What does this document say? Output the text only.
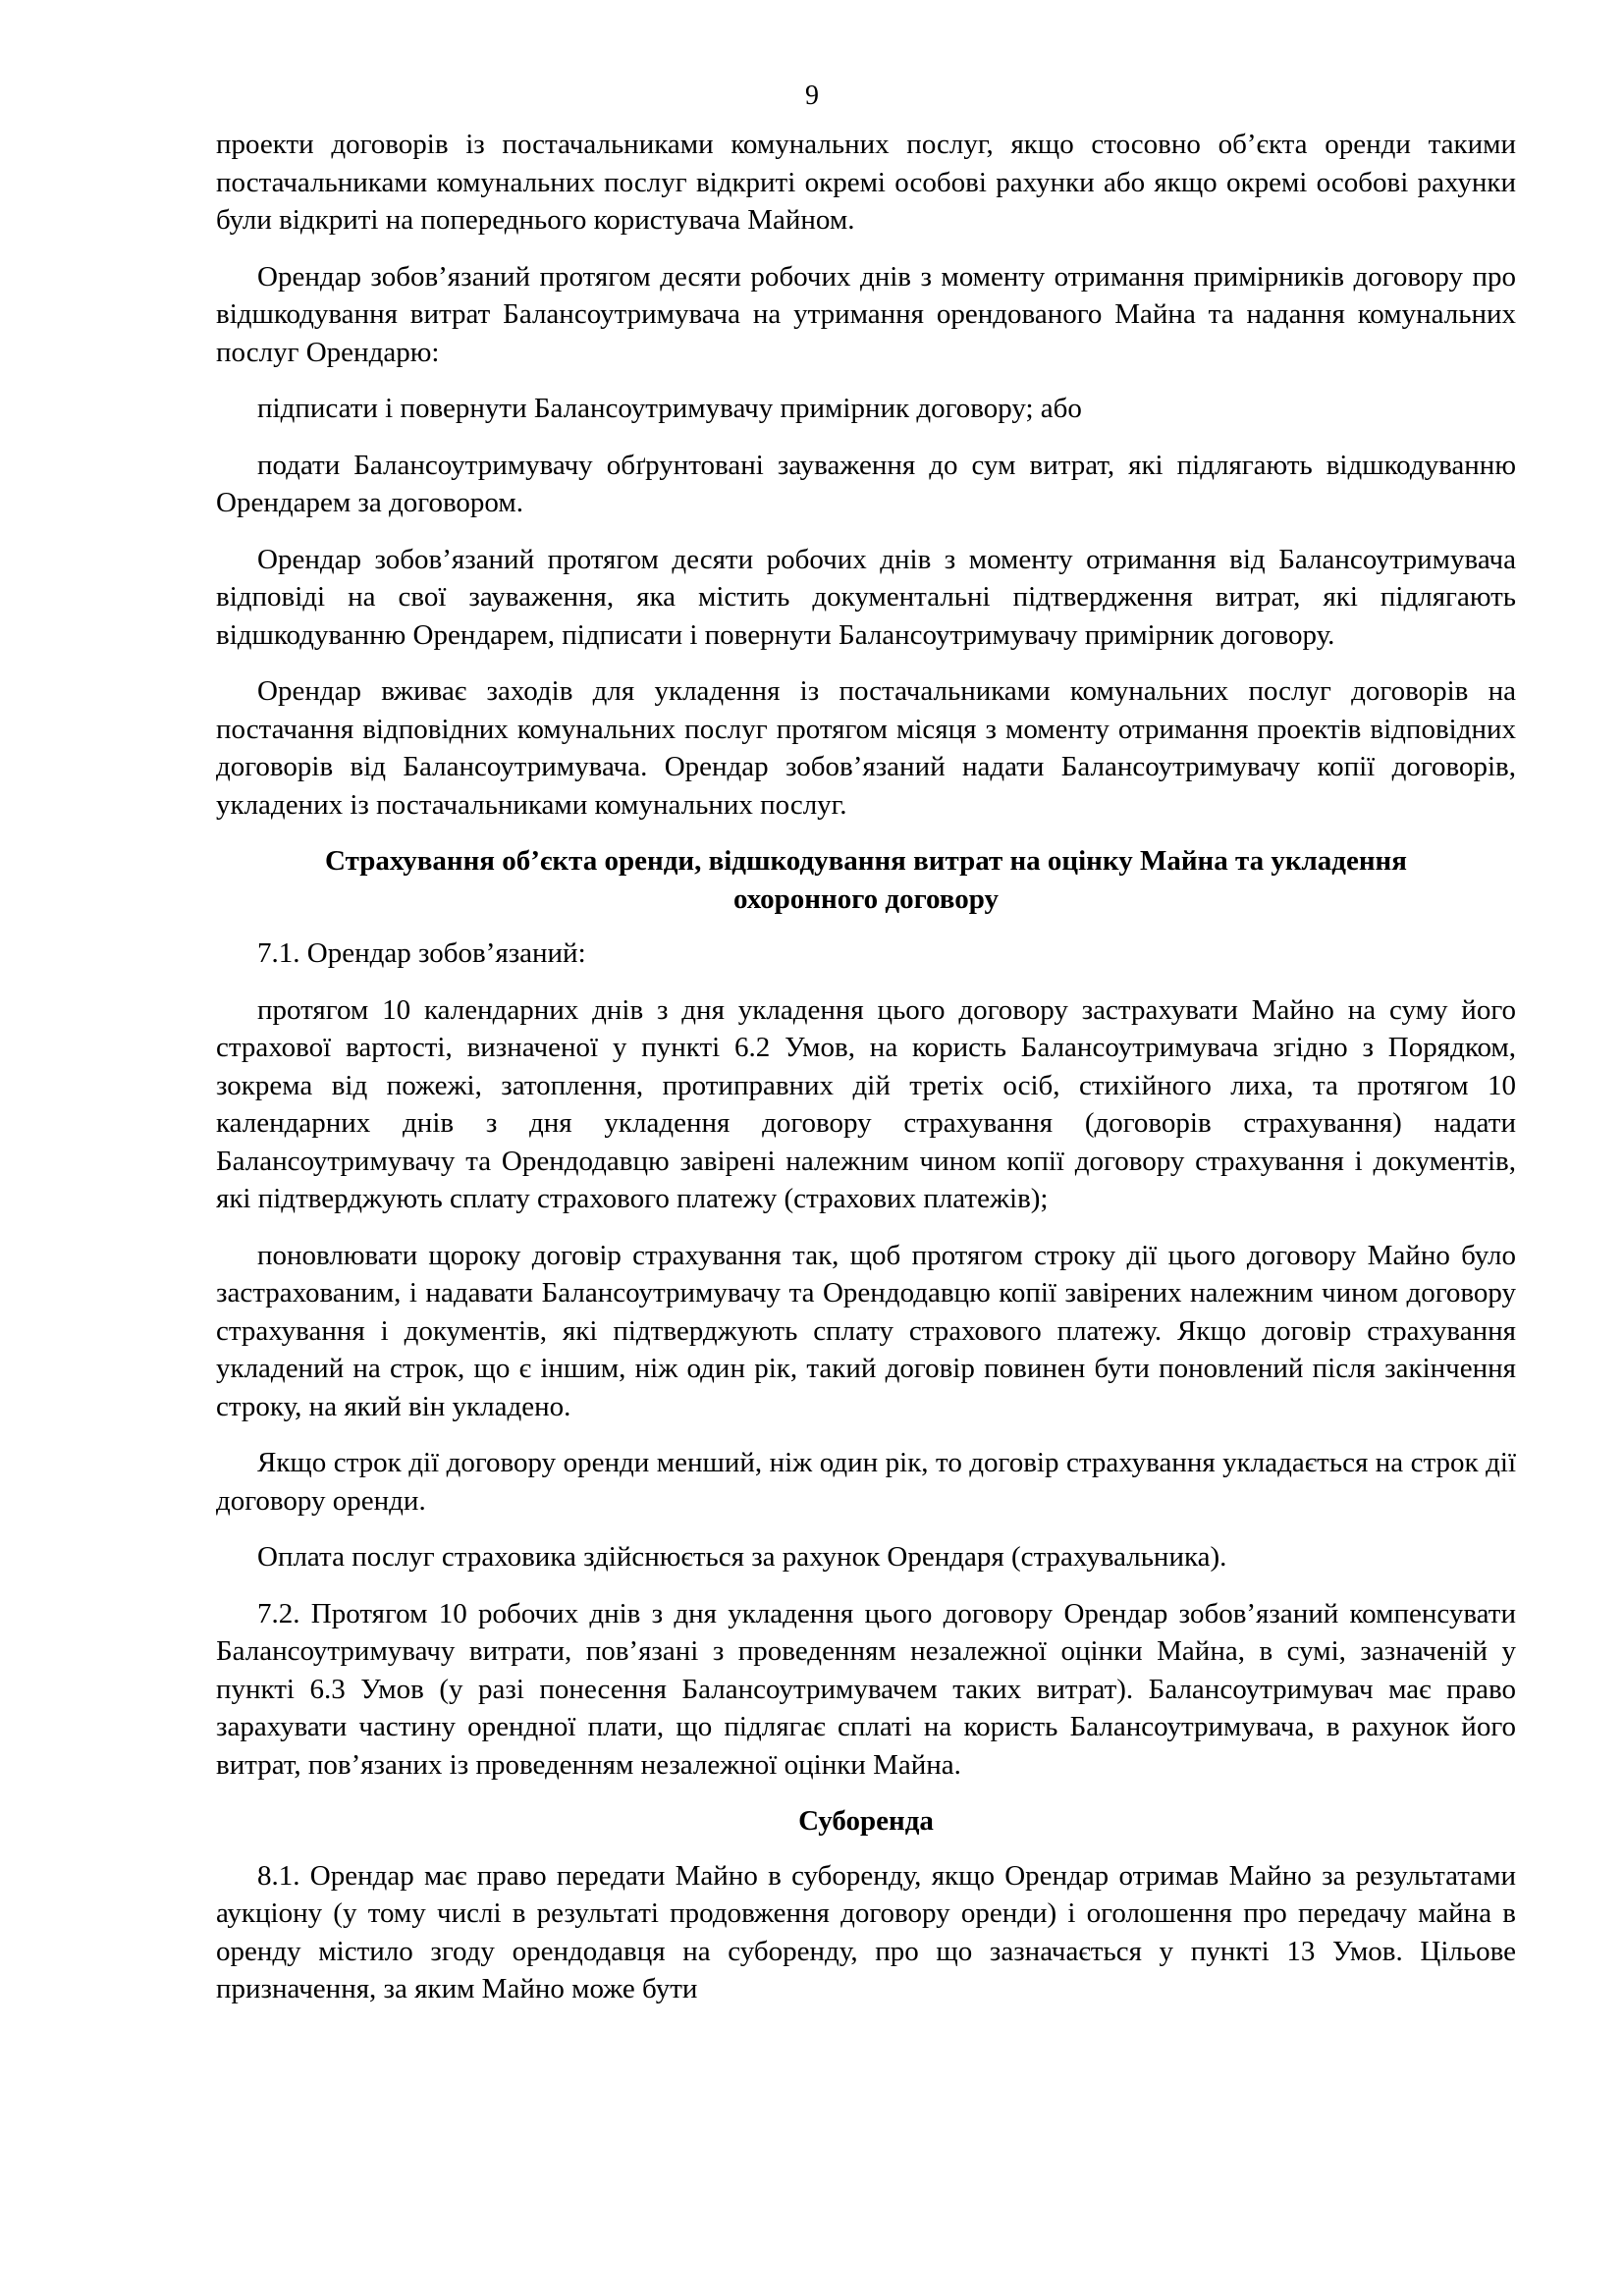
9

проекти договорів із постачальниками комунальних послуг, якщо стосовно об’єкта оренди такими постачальниками комунальних послуг відкриті окремі особові рахунки або якщо окремі особові рахунки були відкриті на попереднього користувача Майном.

Орендар зобов’язаний протягом десяти робочих днів з моменту отримання примірників договору про відшкодування витрат Балансоутримувача на утримання орендованого Майна та надання комунальних послуг Орендарю:

підписати і повернути Балансоутримувачу примірник договору; або

подати Балансоутримувачу обґрунтовані зауваження до сум витрат, які підлягають відшкодуванню Орендарем за договором.

Орендар зобов’язаний протягом десяти робочих днів з моменту отримання від Балансоутримувача відповіді на свої зауваження, яка містить документальні підтвердження витрат, які підлягають відшкодуванню Орендарем, підписати і повернути Балансоутримувачу примірник договору.

Орендар вживає заходів для укладення із постачальниками комунальних послуг договорів на постачання відповідних комунальних послуг протягом місяця з моменту отримання проектів відповідних договорів від Балансоутримувача. Орендар зобов’язаний надати Балансоутримувачу копії договорів, укладених із постачальниками комунальних послуг.

Страхування об’єкта оренди, відшкодування витрат на оцінку Майна та укладення охоронного договору

7.1. Орендар зобов’язаний:

протягом 10 календарних днів з дня укладення цього договору застрахувати Майно на суму його страхової вартості, визначеної у пункті 6.2 Умов, на користь Балансоутримувача згідно з Порядком, зокрема від пожежі, затоплення, протиправних дій третіх осіб, стихійного лиха, та протягом 10 календарних днів з дня укладення договору страхування (договорів страхування) надати Балансоутримувачу та Орендодавцю завірені належним чином копії договору страхування і документів, які підтверджують сплату страхового платежу (страхових платежів);

поновлювати щороку договір страхування так, щоб протягом строку дії цього договору Майно було застрахованим, і надавати Балансоутримувачу та Орендодавцю копії завірених належним чином договору страхування і документів, які підтверджують сплату страхового платежу. Якщо договір страхування укладений на строк, що є іншим, ніж один рік, такий договір повинен бути поновлений після закінчення строку, на який він укладено.

Якщо строк дії договору оренди менший, ніж один рік, то договір страхування укладається на строк дії договору оренди.

Оплата послуг страховика здійснюється за рахунок Орендаря (страхувальника).

7.2. Протягом 10 робочих днів з дня укладення цього договору Орендар зобов’язаний компенсувати Балансоутримувачу витрати, пов’язані з проведенням незалежної оцінки Майна, в сумі, зазначеній у пункті 6.3 Умов (у разі понесення Балансоутримувачем таких витрат). Балансоутримувач має право зарахувати частину орендної плати, що підлягає сплаті на користь Балансоутримувача, в рахунок його витрат, пов’язаних із проведенням незалежної оцінки Майна.

Суборенда

8.1. Орендар має право передати Майно в суборенду, якщо Орендар отримав Майно за результатами аукціону (у тому числі в результаті продовження договору оренди) і оголошення про передачу майна в оренду містило згоду орендодавця на суборенду, про що зазначається у пункті 13 Умов. Цільове призначення, за яким Майно може бути
